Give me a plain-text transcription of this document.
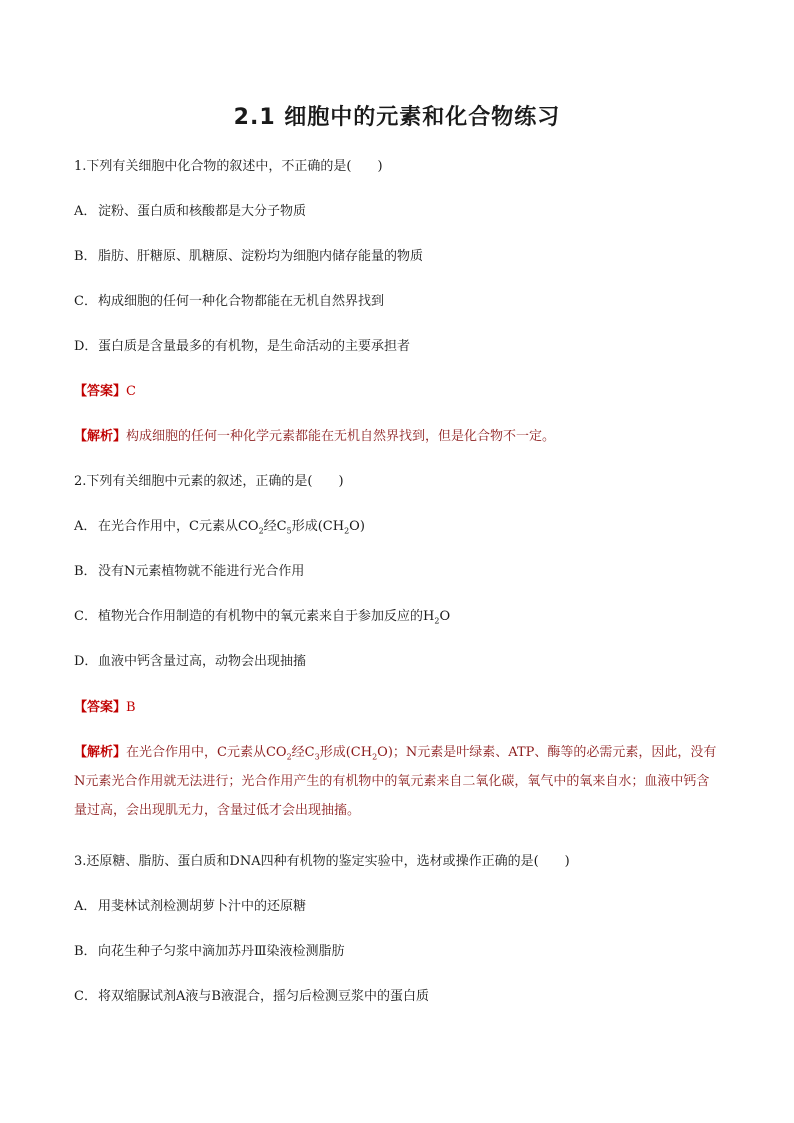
2.1 细胞中的元素和化合物练习

1.下列有关细胞中化合物的叙述中，不正确的是(　　)

A． 淀粉、蛋白质和核酸都是大分子物质

B．脂肪、肝糖原、肌糖原、淀粉均为细胞内储存能量的物质

C．构成细胞的任何一种化合物都能在无机自然界找到

D．蛋白质是含量最多的有机物，是生命活动的主要承担者

【答案】C

【解析】构成细胞的任何一种化学元素都能在无机自然界找到，但是化合物不一定。

2.下列有关细胞中元素的叙述，正确的是(　　)

A． 在光合作用中，C元素从$CO_2$经$C_5$形成$(CH_2O)$

B．没有N元素植物就不能进行光合作用

C．植物光合作用制造的有机物中的氧元素来自于参加反应的$H_2O$

D．血液中钙含量过高，动物会出现抽搐

【答案】B

【解析】在光合作用中，C元素从$CO_2$经$C_3$形成$(CH_2O)$；N元素是叶绿素、ATP、酶等的必需元素，因此，没有N元素光合作用就无法进行；光合作用产生的有机物中的氧元素来自二氧化碳，氧气中的氧来自水；血液中钙含量过高，会出现肌无力，含量过低才会出现抽搐。

3.还原糖、脂肪、蛋白质和DNA四种有机物的鉴定实验中，选材或操作正确的是(　　)

A． 用斐林试剂检测胡萝卜汁中的还原糖

B．向花生种子匀浆中滴加苏丹Ⅲ染液检测脂肪

C．将双缩脲试剂A液与B液混合，摇匀后检测豆浆中的蛋白质
